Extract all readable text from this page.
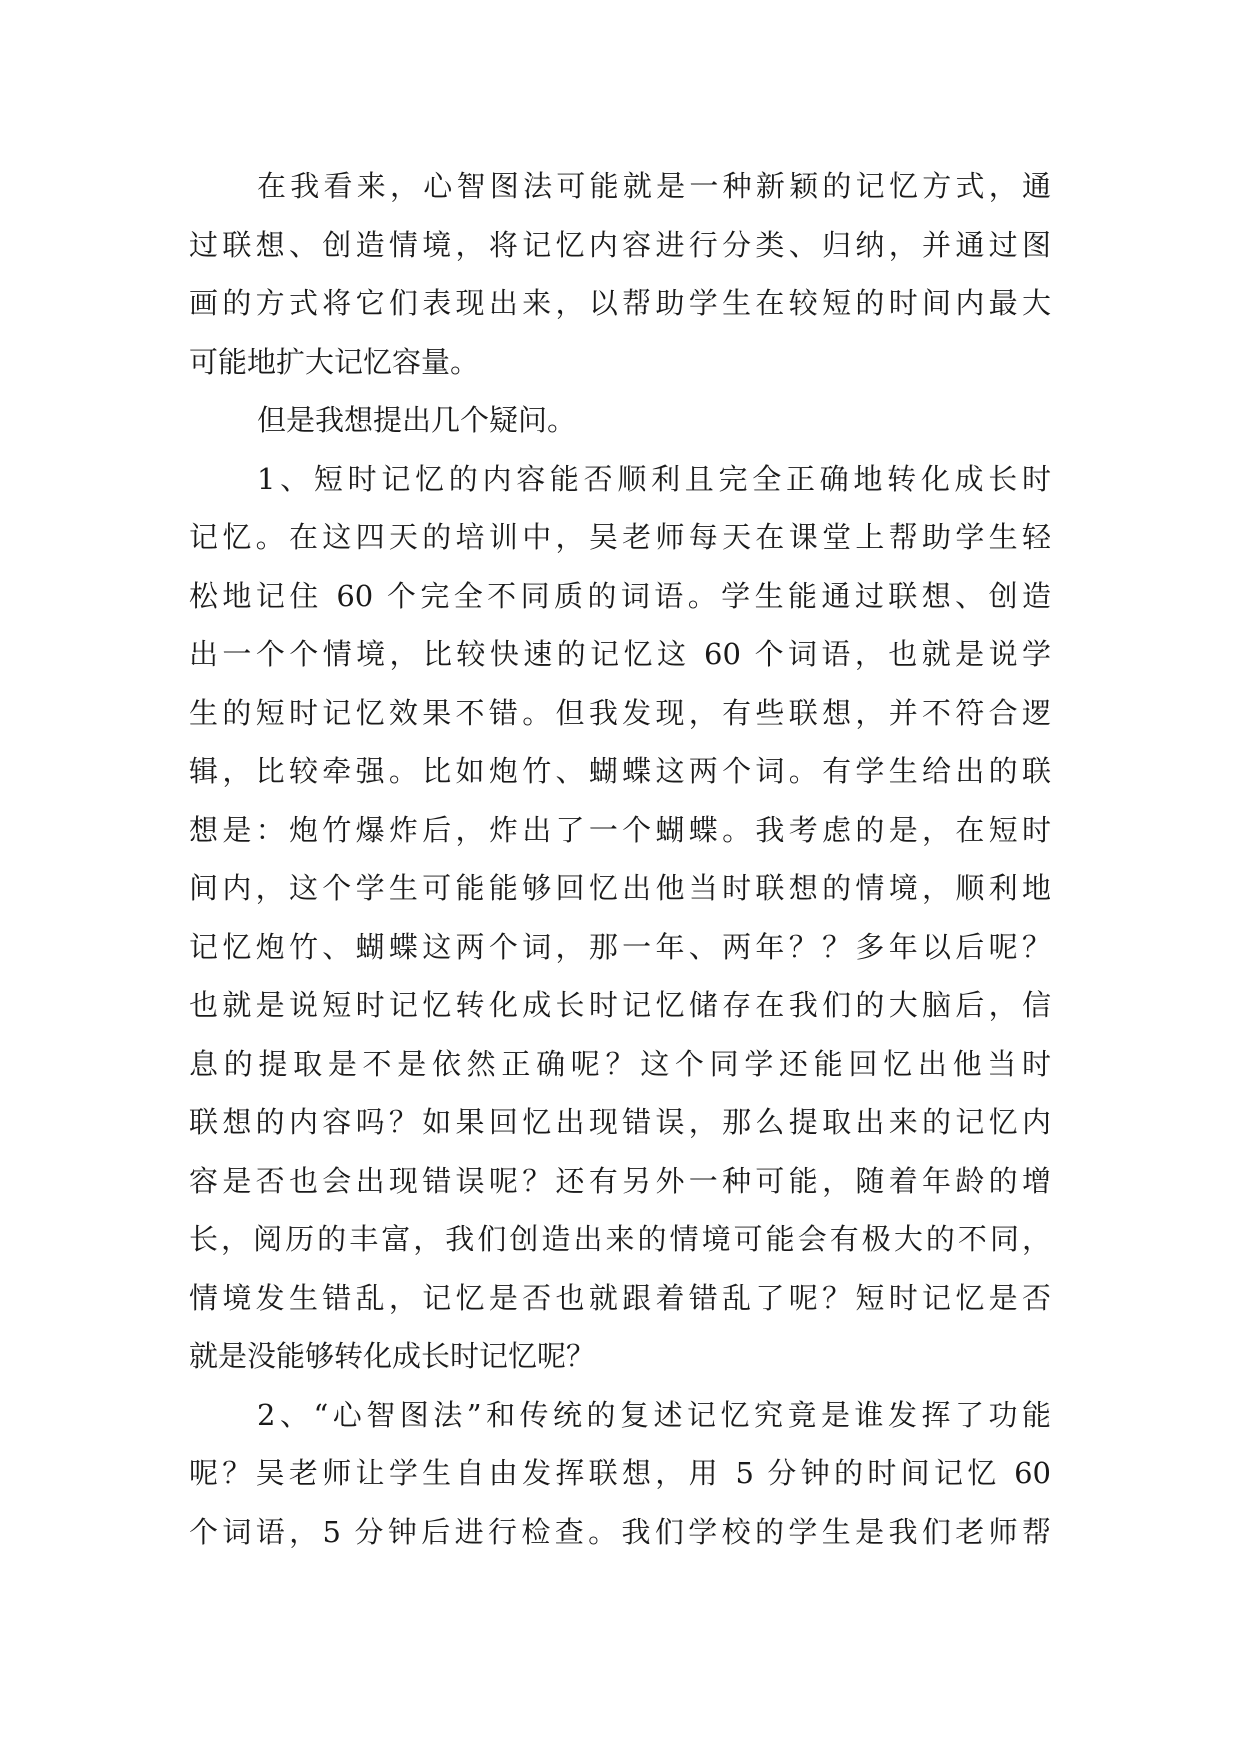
在我看来，心智图法可能就是一种新颖的记忆方式，通
过联想、创造情境，将记忆内容进行分类、归纳，并通过图
画的方式将它们表现出来，以帮助学生在较短的时间内最大
可能地扩大记忆容量。
但是我想提出几个疑问。
1、短时记忆的内容能否顺利且完全正确地转化成长时
记忆。在这四天的培训中，吴老师每天在课堂上帮助学生轻
松地记住 60 个完全不同质的词语。学生能通过联想、创造
出一个个情境，比较快速的记忆这 60 个词语，也就是说学
生的短时记忆效果不错。但我发现，有些联想，并不符合逻
辑，比较牵强。比如炮竹、蝴蝶这两个词。有学生给出的联
想是：炮竹爆炸后，炸出了一个蝴蝶。我考虑的是，在短时
间内，这个学生可能能够回忆出他当时联想的情境，顺利地
记忆炮竹、蝴蝶这两个词，那一年、两年？？多年以后呢？
也就是说短时记忆转化成长时记忆储存在我们的大脑后，信
息的提取是不是依然正确呢？这个同学还能回忆出他当时
联想的内容吗？如果回忆出现错误，那么提取出来的记忆内
容是否也会出现错误呢？还有另外一种可能，随着年龄的增
长，阅历的丰富，我们创造出来的情境可能会有极大的不同，
情境发生错乱，记忆是否也就跟着错乱了呢？短时记忆是否
就是没能够转化成长时记忆呢？
2、“心智图法”和传统的复述记忆究竟是谁发挥了功能
呢？吴老师让学生自由发挥联想，用 5 分钟的时间记忆 60
个词语，5 分钟后进行检查。我们学校的学生是我们老师帮
